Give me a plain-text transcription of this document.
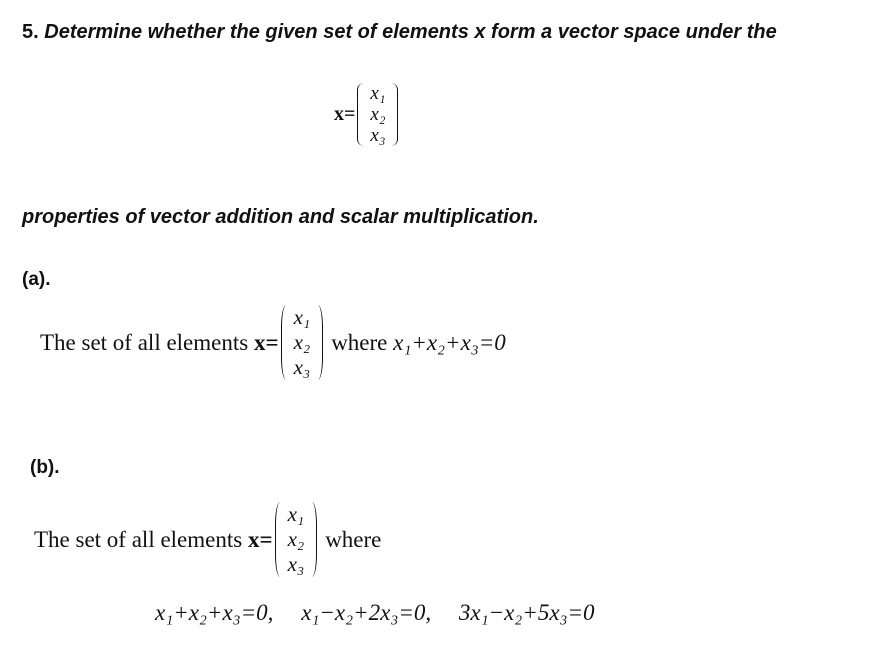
5. Determine whether the given set of elements x form a vector space under the
x=
x₁
x₂
x₃
properties of vector addition and scalar multiplication.
(a).
The set of all elements
x=
x₁
x₂
x₃
where
x₁+x₂+x₃=0
(b).
The set of all elements
x=
x₁
x₂
x₃
where
x₁+x₂+x₃=0, x₁−x₂+2x₃=0, 3x₁−x₂+5x₃=0
